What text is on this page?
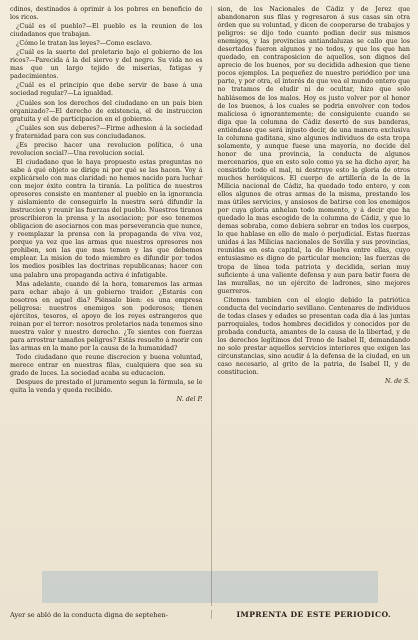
cdinos, destinados á oprimir á los pobres en beneficio de los ricos.

¿Cuál es el pueblo?—El pueblo es la reunion de los ciudadanos que trabajan.

¿Cómo le tratan las leyes?—Como esclavo.

¿Cuál es la suerte del proletario bajo el gobierno de los ricos?—Parecida á la del siervo y del negro. Su vida no es mas que un largo tejido de miserias, fatigas y padecimientos.

¿Cuál es el principio que debe servir de base á una sociedad regular?—La igualdad.

¿Cuáles son los derechos del ciudadano en un país bien organizado?—El derecho de existencia, el de instruccion gratuita y el de participacion en el gobierno.

¿Cuáles son sus deberes?—Firme adhesion á la sociedad y fraternidad para con sus conciudadanos.

¿Es preciso hacer una revolucion política, ó una revolucion social?—Una revolucion social.

El ciudadano que le haya propuesto estas preguntas no sabe á qué objeto se dirige ni por qué se las hacen. Voy á explicárselo con mas claridad: no hemos nacido para luchar con mejor éxito contra la tiranía. La política de nuestros opresores consiste en mantener al pueblo en la ignorancia y aislamiento de conseguirlo la nuestra será difundir la instruccion y reunir las fuerzas del pueblo. Nuestros tiranos proscribieron la prensa y la asociacion; por eso tenemos obligacion de asociarnos con mas perseverancia que nunce, y reemplazar la prensa con la propaganda de viva voz, porque ya vez que las armas que nuestros opresores nos prohiben, son las que mas temen y las que debemos emplear. La mision de todo miembro es difundir por todos los medios posibles las doctrinas republicanas; hacer con una palabra una propaganda activa é infatigable.

Mas adelante, cuando dé la hora, tomaremos las armas para echar abajo á un gobierno traidor. ¿Estarás con nosotros en aquel dia? Piénsalo bien: es una empresa peligrosa: nuestros enemigos son poderosos; tienen ejércitos, tesoros, el apoyo de los reyes estrangeros que reinan por el terror: nosotros proletarios nada tenemos sino nuestra valor y nuestro derecho. ¿Te sientes con fuerzas para arrostrar tamaños peligros? Estás resuelto á morir con las armas en la mano por la causa de la humanidad?

Todo ciudadano que reune discrecion y buena voluntad, merece entrar en nuestras filas, cualquiera que sea su grado de luces. La sociedad acaba su educacion.

Despues de prestado el juramento segun la fórmula, se le quita la venda y queda recibido.

N. del P.

sion, de los Nacionales de Cádiz y de Jerez que abandonaron sus filas y regresaron á sus casas sin otra órden que su voluntad, y dicen de cooperarse de trabajos y peligros: se dijo todo cuanto podian decir sus mismos enemigos, y las provincias antiandaluzas se callo que los desertados fueron algunos y no todos, y que los que han quedado, en contraposicion de aquellos, son dignos del aprecio de los buenos, por su decidida adhesion que tiene pocos ejemplos. La pequeñez de nuestro periódico por una parte, y por otra, el interés de que vea el mundo entero que no tratamos de eludir ni de ocultar, hizo que solo hablásemos de los malos. Hoy es justo volver por el honor de los buenos, á los cuales se podria envolver con todos maliciosa ó ignorantemente; de consiguiente cuando se diga que la columna de Cádiz desertó de sus banderas, entiéndase que será injusto decir, de una manera exclusiva la columna gaditana, sino algunos individuos de esta tropa solamente, y aunque fuese una mayoría, no decide del honor de una provincia, la conducta de algunos mercenarios, que en esto solo como ya se ha dicho ayer, ha consistido todo el mal, ni destruye esto la gloria de otros muchos heróiquicos. El cuerpo de artillería de la de la Milicia nacional de Cádiz, ha quedado todo entero, y con ellos algunos de otras armas de la misma, prestando los mas útiles servicios, y ansiosos de batirse con los enemigos por cuya gloria anhelan todo momento, y á decir que ha quedado la mas escogido de la columna de Cádiz, y que lo demas sobraba, como debiera sobrar en todos los cuerpos, lo que hablase en ello de malo ó perjudicial. Estas fuerzas unidas á las Milicias nacionales de Sevilla y sus provincias, reunidas en esta capital, la de Huelva entre ellas, cuyo entusiasmo es digno de particular mencion; las fuerzas de tropa de línea toda patriota y decidida, serian muy suficiente á una valiente defensa y aun para batir fuera de las murallas, no un ejército de ladrones, sino mejores guerreros.

Citemos tambien con el elogio debido la patriótica conducta del vecindario sevillano. Centenares de individuos de todas clases y edades se presentan cada dia á las juntas parroquiales, todos hombres decididos y conocidos por de probada conducta, amantes de la causa de la libertad, y de los derechos legítimos del Trono de Isabel II, demandando no solo prestar aquellos servicios interiores que exigen las circunstancias, sino acudir á la defensa de la ciudad, en un caso necesario, al grito de la patria, de Isabel II, y de constitucion.

N. de S.

Ayer se abló de la conducta digna de septehen-	IMPRENTA DE ESTE PERIODICO.
